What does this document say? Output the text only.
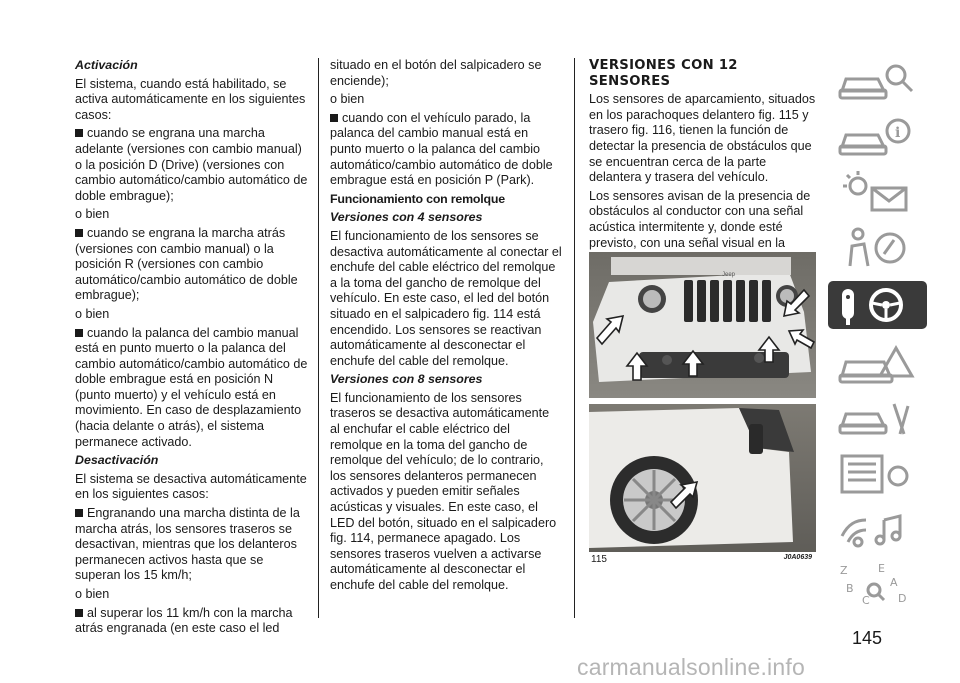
Activación

El sistema, cuando está habilitado, se activa automáticamente en los siguientes casos:

cuando se engrana una marcha adelante (versiones con cambio manual) o la posición D (Drive) (versiones con cambio automático/cambio automático de doble embrague);

o bien

cuando se engrana la marcha atrás (versiones con cambio manual) o la posición R (versiones con cambio automático/cambio automático de doble embrague);

o bien

cuando la palanca del cambio manual está en punto muerto o la palanca del cambio automático/cambio automático de doble embrague está en posición N (punto muerto) y el vehículo está en movimiento. En caso de desplazamiento (hacia delante o atrás), el sistema permanece activado.

Desactivación

El sistema se desactiva automáticamente en los siguientes casos:

Engranando una marcha distinta de la marcha atrás, los sensores traseros se desactivan, mientras que los delanteros permanecen activos hasta que se superan los 15 km/h;

o bien

al superar los 11 km/h con la marcha atrás engranada (en este caso el led

situado en el botón del salpicadero se enciende);

o bien

cuando con el vehículo parado, la palanca del cambio manual está en punto muerto o la palanca del cambio automático/cambio automático de doble embrague está en posición P (Park).

Funcionamiento con remolque

Versiones con 4 sensores

El funcionamiento de los sensores se desactiva automáticamente al conectar el enchufe del cable eléctrico del remolque a la toma del gancho de remolque del vehículo. En este caso, el led del botón situado en el salpicadero fig. 114 está encendido. Los sensores se reactivan automáticamente al desconectar el enchufe del cable del remolque.

Versiones con 8 sensores

El funcionamiento de los sensores traseros se desactiva automáticamente al enchufar el cable eléctrico del remolque en la toma del gancho de remolque del vehículo; de lo contrario, los sensores delanteros permanecen activados y pueden emitir señales acústicas y visuales. En este caso, el LED del botón, situado en el salpicadero fig. 114, permanece apagado. Los sensores traseros vuelven a activarse automáticamente al desconectar el enchufe del cable del remolque.

VERSIONES CON 12 SENSORES

Los sensores de aparcamiento, situados en los parachoques delantero fig. 115 y trasero fig. 116, tienen la función de detectar la presencia de obstáculos que se encuentran cerca de la parte delantera y trasera del vehículo.

Los sensores avisan de la presencia de obstáculos al conductor con una señal acústica intermitente y, donde esté previsto, con una señal visual en la

Jeep
115	J0A0639
i
Z	E
B	A
C	D
145
carmanualsonline.info
